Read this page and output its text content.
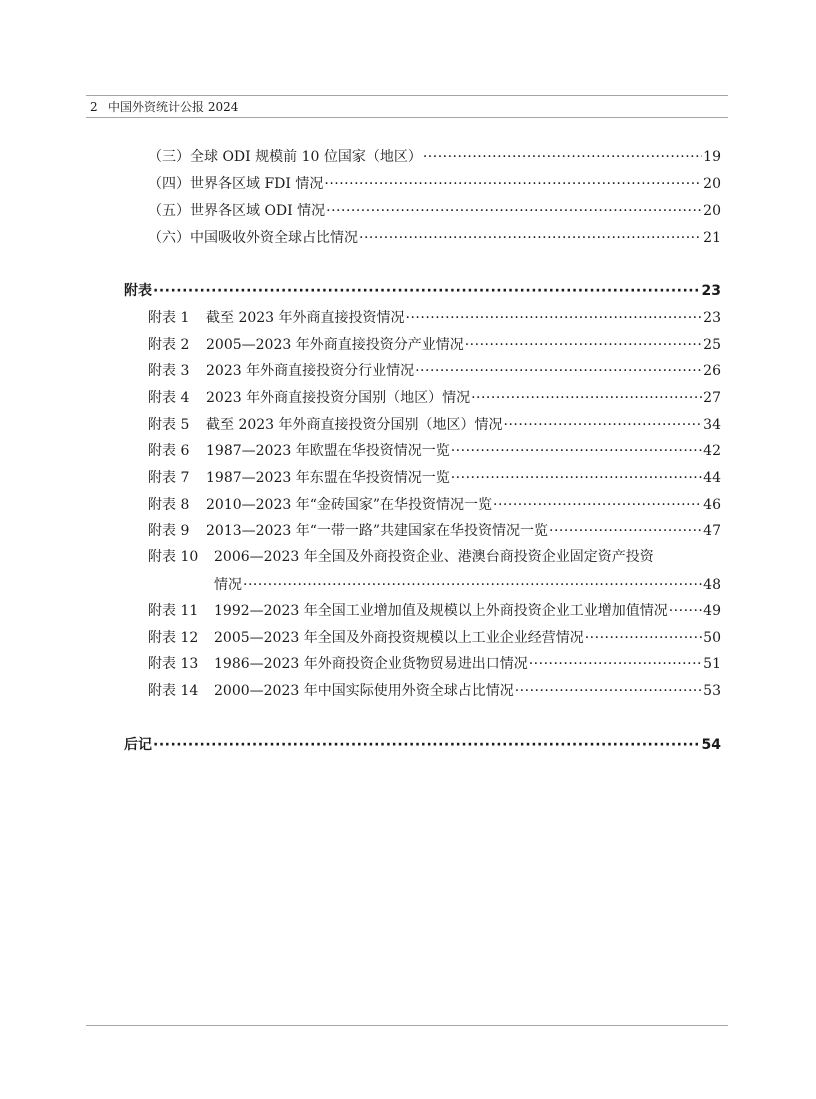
2 中国外资统计公报 2024
（三）全球 ODI 规模前 10 位国家（地区） ·····	19
（四）世界各区域 FDI 情况 ·····	20
（五）世界各区域 ODI 情况 ·····	20
（六）中国吸收外资全球占比情况 ·····	21
附表 ·····	23
附表 1 截至 2023 年外商直接投资情况 ·····	23
附表 2 2005—2023 年外商直接投资分产业情况 ·····	25
附表 3 2023 年外商直接投资分行业情况 ·····	26
附表 4 2023 年外商直接投资分国别（地区）情况 ·····	27
附表 5 截至 2023 年外商直接投资分国别（地区）情况 ·····	34
附表 6 1987—2023 年欧盟在华投资情况一览 ·····	42
附表 7 1987—2023 年东盟在华投资情况一览 ·····	44
附表 8 2010—2023 年“金砖国家”在华投资情况一览 ·····	46
附表 9 2013—2023 年“一带一路”共建国家在华投资情况一览 ·····	47
附表 10 2006—2023 年全国及外商投资企业、港澳台商投资企业固定资产投资
情况 ·····	48
附表 11 1992—2023 年全国工业增加值及规模以上外商投资企业工业增加值情况 ·····	49
附表 12 2005—2023 年全国及外商投资规模以上工业企业经营情况 ·····	50
附表 13 1986—2023 年外商投资企业货物贸易进出口情况 ·····	51
附表 14 2000—2023 年中国实际使用外资全球占比情况 ·····	53
后记 ·····	54
